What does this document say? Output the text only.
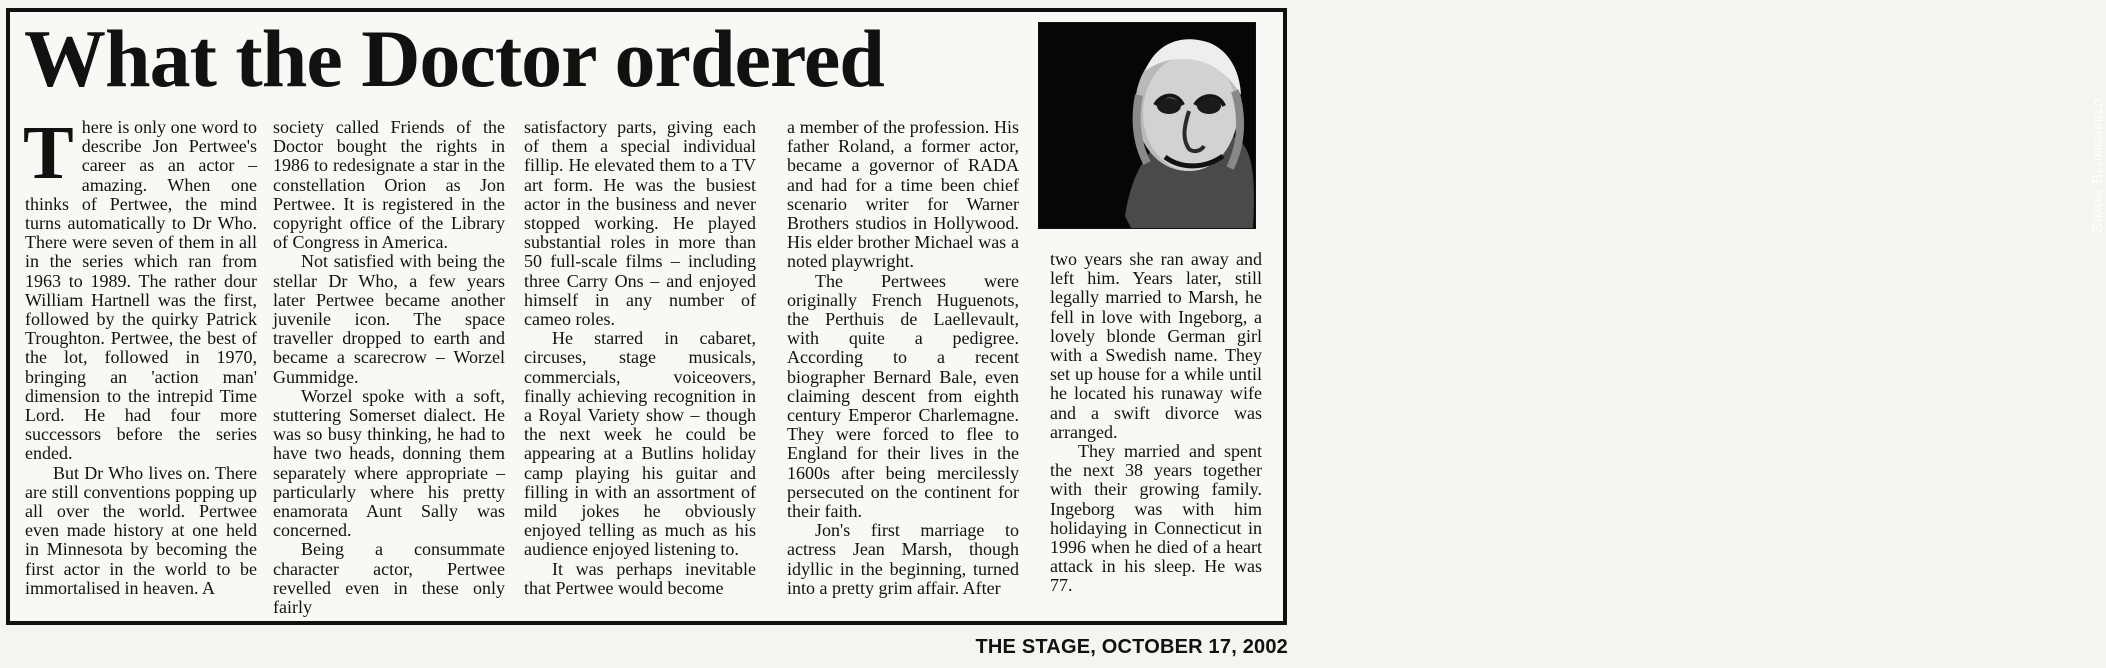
What the Doctor ordered
Simon Blumenfeld

There is only one word to describe Jon Pertwee's career as an actor – amazing. When one thinks of Pertwee, the mind turns automatically to Dr Who. There were seven of them in all in the series which ran from 1963 to 1989. The rather dour William Hartnell was the first, followed by the quirky Patrick Troughton. Pertwee, the best of the lot, followed in 1970, bringing an 'action man' dimension to the intrepid Time Lord. He had four more successors before the series ended.

But Dr Who lives on. There are still conventions popping up all over the world. Pertwee even made history at one held in Minnesota by becoming the first actor in the world to be immortalised in heaven. A

society called Friends of the Doctor bought the rights in 1986 to redesignate a star in the constellation Orion as Jon Pertwee. It is registered in the copyright office of the Library of Congress in America.

Not satisfied with being the stellar Dr Who, a few years later Pertwee became another juvenile icon. The space traveller dropped to earth and became a scarecrow – Worzel Gummidge.

Worzel spoke with a soft, stuttering Somerset dialect. He was so busy thinking, he had to have two heads, donning them separately where appropriate – particularly where his pretty enamorata Aunt Sally was concerned.

Being a consummate character actor, Pertwee revelled even in these only fairly

satisfactory parts, giving each of them a special individual fillip. He elevated them to a TV art form. He was the busiest actor in the business and never stopped working. He played substantial roles in more than 50 full-scale films – including three Carry Ons – and enjoyed himself in any number of cameo roles.

He starred in cabaret, circuses, stage musicals, commercials, voiceovers, finally achieving recognition in a Royal Variety show – though the next week he could be appearing at a Butlins holiday camp playing his guitar and filling in with an assortment of mild jokes he obviously enjoyed telling as much as his audience enjoyed listening to.

It was perhaps inevitable that Pertwee would become

a member of the profession. His father Roland, a former actor, became a governor of RADA and had for a time been chief scenario writer for Warner Brothers studios in Hollywood. His elder brother Michael was a noted playwright.

The Pertwees were originally French Huguenots, the Perthuis de Laellevault, with quite a pedigree. According to a recent biographer Bernard Bale, even claiming descent from eighth century Emperor Charlemagne. They were forced to flee to England for their lives in the 1600s after being mercilessly persecuted on the continent for their faith.

Jon's first marriage to actress Jean Marsh, though idyllic in the beginning, turned into a pretty grim affair. After

two years she ran away and left him. Years later, still legally married to Marsh, he fell in love with Ingeborg, a lovely blonde German girl with a Swedish name. They set up house for a while until he located his runaway wife and a swift divorce was arranged.

They married and spent the next 38 years together with their growing family. Ingeborg was with him holidaying in Connecticut in 1996 when he died of a heart attack in his sleep. He was 77.

THE STAGE, OCTOBER 17, 2002
